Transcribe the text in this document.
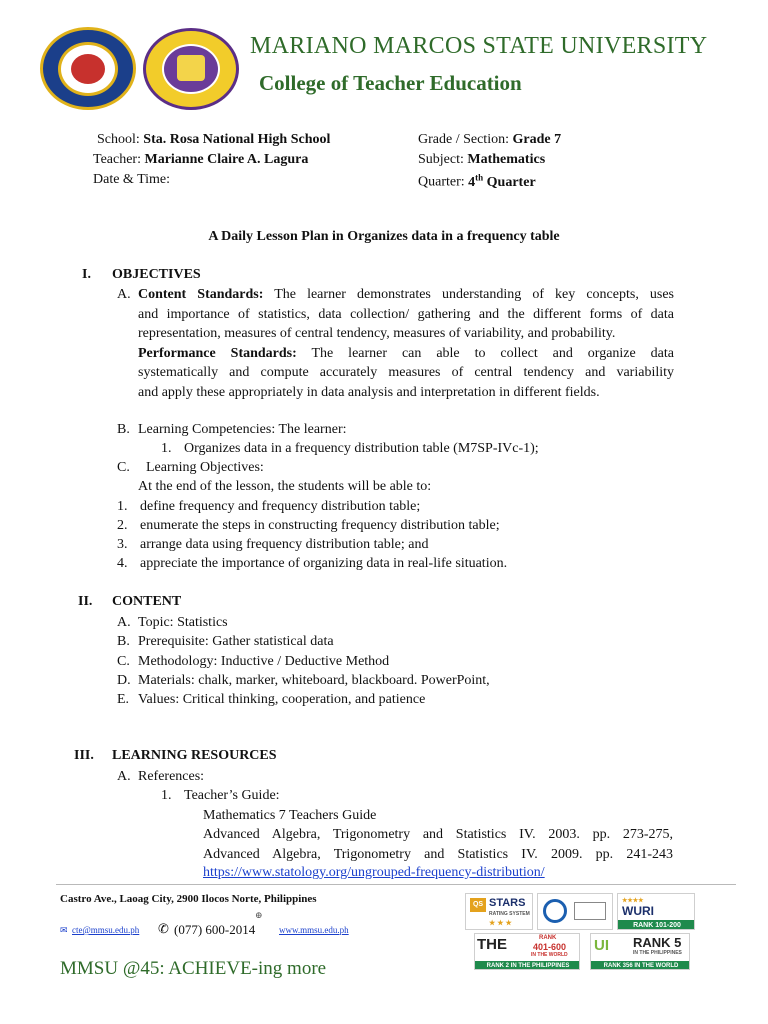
MARIANO MARCOS STATE UNIVERSITY
College of Teacher Education
School: Sta. Rosa National High School
Teacher: Marianne Claire A. Lagura
Date & Time:
Grade / Section: Grade 7
Subject: Mathematics
Quarter: 4th Quarter
A Daily Lesson Plan in Organizes data in a frequency table
I. OBJECTIVES
A. Content Standards: The learner demonstrates understanding of key concepts, uses
and importance of statistics, data collection/ gathering and the different forms of data
representation, measures of central tendency, measures of variability, and probability.
Performance Standards: The learner can able to collect and organize data
systematically and compute accurately measures of central tendency and variability
and apply these appropriately in data analysis and interpretation in different fields.
B. Learning Competencies: The learner:
1. Organizes data in a frequency distribution table (M7SP-IVc-1);
C. Learning Objectives:
At the end of the lesson, the students will be able to:
1. define frequency and frequency distribution table;
2. enumerate the steps in constructing frequency distribution table;
3. arrange data using frequency distribution table; and
4. appreciate the importance of organizing data in real-life situation.
II. CONTENT
A. Topic: Statistics
B. Prerequisite: Gather statistical data
C. Methodology: Inductive / Deductive Method
D. Materials: chalk, marker, whiteboard, blackboard. PowerPoint,
E. Values: Critical thinking, cooperation, and patience
III. LEARNING RESOURCES
A. References:
1. Teacher’s Guide:
Mathematics 7 Teachers Guide
Advanced Algebra, Trigonometry and Statistics IV. 2003. pp. 273-275,
Advanced Algebra, Trigonometry and Statistics IV. 2009. pp. 241-243
https://www.statology.org/ungrouped-frequency-distribution/
Castro Ave., Laoag City, 2900 Ilocos Norte, Philippines
✉ cte@mmsu.edu.ph ✆ (077) 600-2014
⊕
www.mmsu.edu.ph
MMSU @45: ACHIEVE-ing more
QS STARS
RATING SYSTEM
★ ★ ★
★★★★
WURI
RANK 101-200
THE	RANK
401-600
IN THE WORLD
RANK 2 IN THE PHILIPPINES
UI RANK 5
IN THE PHILIPPINES
RANK 356 IN THE WORLD
